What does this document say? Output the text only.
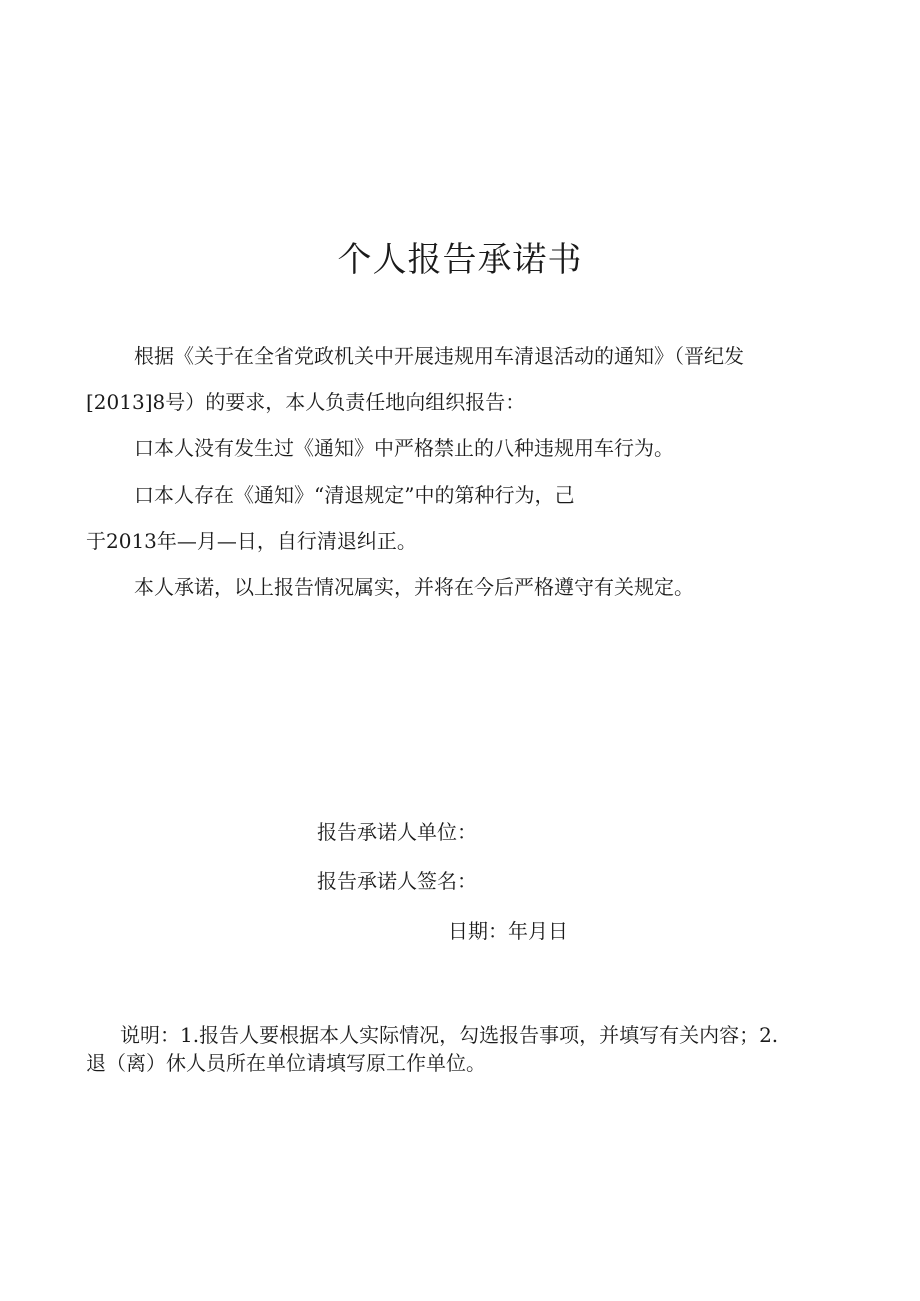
个人报告承诺书
根据《关于在全省党政机关中开展违规用车清退活动的通知》（晋纪发
[2013]8号）的要求，本人负责任地向组织报告：
口本人没有发生过《通知》中严格禁止的八种违规用车行为。
口本人存在《通知》“清退规定”中的第种行为，己
于2013年—月—日，自行清退纠正。
本人承诺，以上报告情况属实，并将在今后严格遵守有关规定。
报告承诺人单位：
报告承诺人签名：
日期：年月日
说明：1.报告人要根据本人实际情况，勾选报告事项，并填写有关内容；2.
退（离）休人员所在单位请填写原工作单位。
